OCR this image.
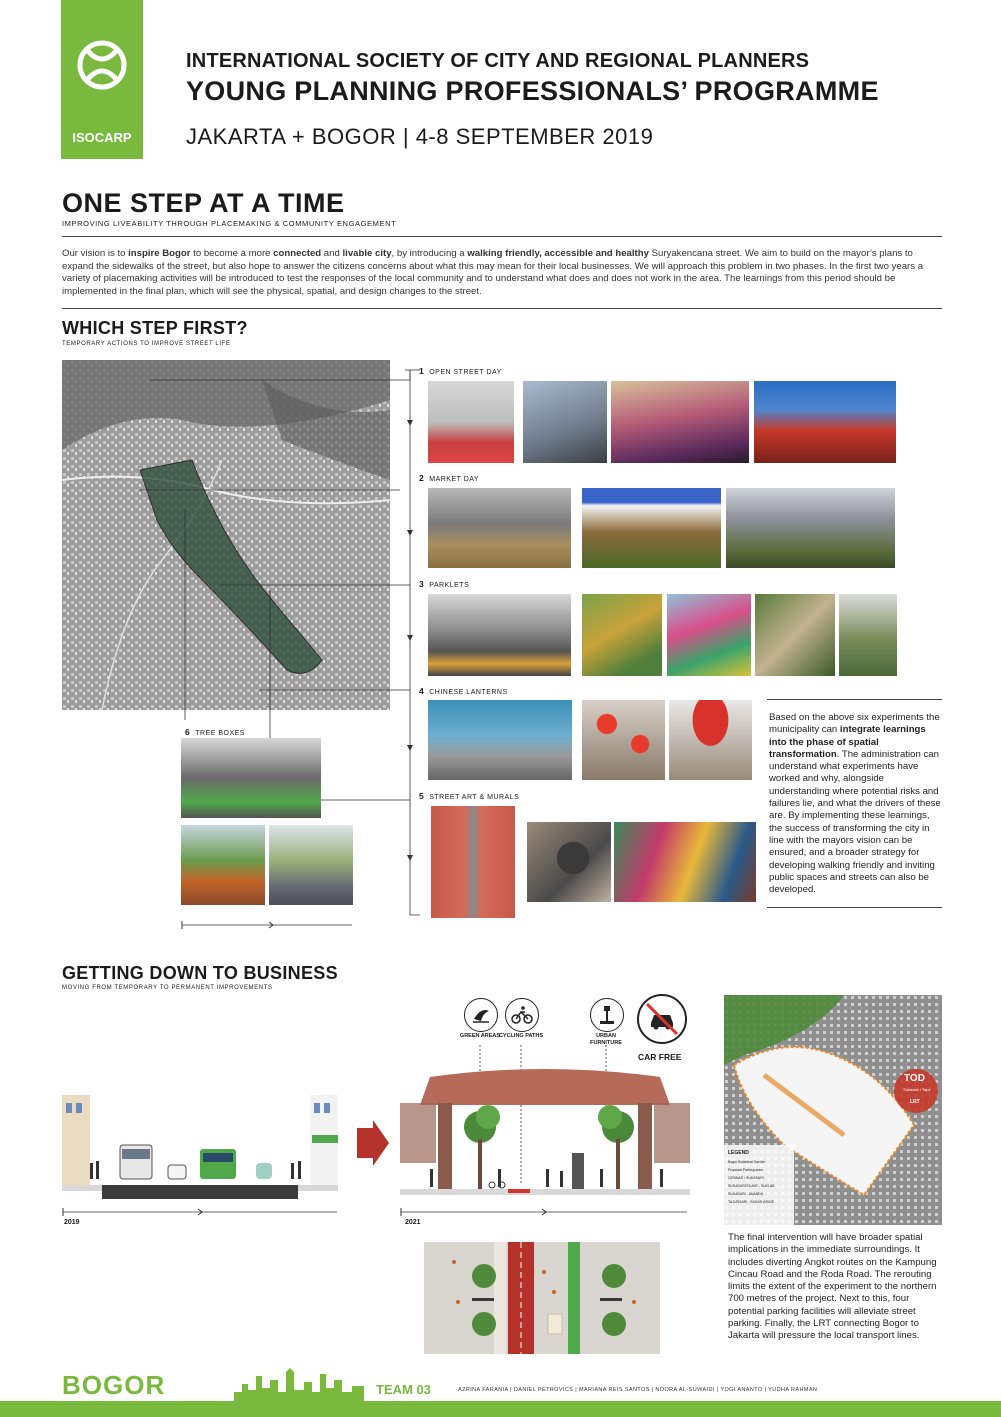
ISOCARP
INTERNATIONAL SOCIETY OF CITY AND REGIONAL PLANNERS
YOUNG PLANNING PROFESSIONALS’ PROGRAMME
JAKARTA + BOGOR | 4-8 SEPTEMBER 2019
ONE STEP AT A TIME
IMPROVING LIVEABILITY THROUGH PLACEMAKING & COMMUNITY ENGAGEMENT
Our vision is to inspire Bogor to become a more connected and livable city, by introducing a walking friendly, accessible and healthy Suryakencana street. We aim to build on the mayor’s plans to expand the sidewalks of the street, but also hope to answer the citizens concerns about what this may mean for their local businesses. We will approach this problem in two phases. In the first two years a variety of placemaking activities will be introduced to test the responses of the local community and to understand what does and does not work in the area. The learnings from this period should be implemented in the final plan, which will see the physical, spatial, and design changes to the street.
WHICH STEP FIRST?
TEMPORARY ACTIONS TO IMPROVE STREET LIFE
1 OPEN STREET DAY
2 MARKET DAY
3 PARKLETS
4 CHINESE LANTERNS
5 STREET ART & MURALS
6 TREE BOXES
Based on the above six experiments the municipality can integrate learnings into the phase of spatial transformation. The administration can understand what experiments have worked and why, alongside understanding where potential risks and failures lie, and what the drivers of these are. By implementing these learnings, the success of transforming the city in line with the mayors vision can be ensured, and a broader strategy for developing walking friendly and inviting public spaces and streets can also be developed.
GETTING DOWN TO BUSINESS
MOVING FROM TEMPORARY TO PERMANENT IMPROVEMENTS
GREEN AREAS
CYCLING PATHS	URBAN FURNITURE
CAR FREE
2019	2021
TOD
Sukasari / Tajur
LRT
LEGEND
Bogor Botanical Garden
Proposal Parking area
CIPANAS / SUKASARI
SUKASARI/TAJUR - SUKLAB
SUKASARI - ANANDA
TAJURSARI - SUKAR ARIGE
The final intervention will have broader spatial implications in the immediate surroundings. It includes diverting Angkot routes on the Kampung Cincau Road and the Roda Road. The rerouting limits the extent of the experiment to the northern 700 metres of the project. Next to this, four potential parking facilities will alleviate street parking. Finally, the LRT connecting Bogor to Jakarta will pressure the local transport lines.
BOGOR	TEAM 03	AZRINA FARANIA | DANIEL PETROVICS | MARIANA REIS SANTOS | NOORA AL-SUWAIDI | YOGI ANANTO | YUDHA RAHMAN
